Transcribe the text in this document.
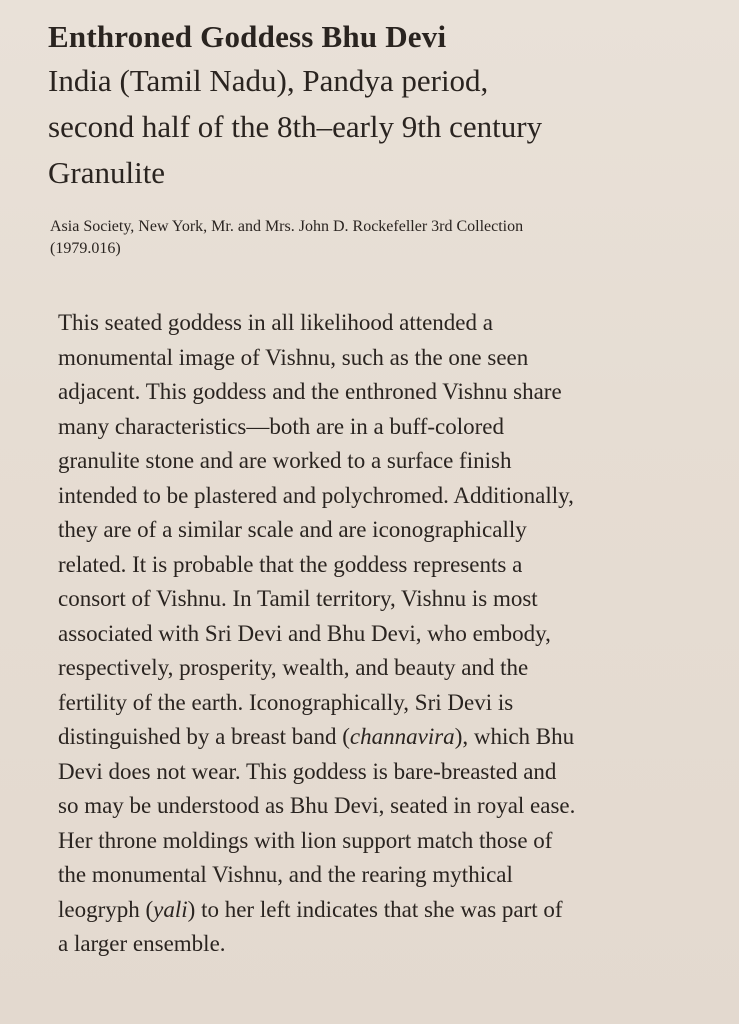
Enthroned Goddess Bhu Devi
India (Tamil Nadu), Pandya period,
second half of the 8th–early 9th century
Granulite
Asia Society, New York, Mr. and Mrs. John D. Rockefeller 3rd Collection
(1979.016)
This seated goddess in all likelihood attended a
monumental image of Vishnu, such as the one seen
adjacent. This goddess and the enthroned Vishnu share
many characteristics—both are in a buff-colored
granulite stone and are worked to a surface finish
intended to be plastered and polychromed. Additionally,
they are of a similar scale and are iconographically
related. It is probable that the goddess represents a
consort of Vishnu. In Tamil territory, Vishnu is most
associated with Sri Devi and Bhu Devi, who embody,
respectively, prosperity, wealth, and beauty and the
fertility of the earth. Iconographically, Sri Devi is
distinguished by a breast band (channavira), which Bhu
Devi does not wear. This goddess is bare-breasted and
so may be understood as Bhu Devi, seated in royal ease.
Her throne moldings with lion support match those of
the monumental Vishnu, and the rearing mythical
leogryph (yali) to her left indicates that she was part of
a larger ensemble.
